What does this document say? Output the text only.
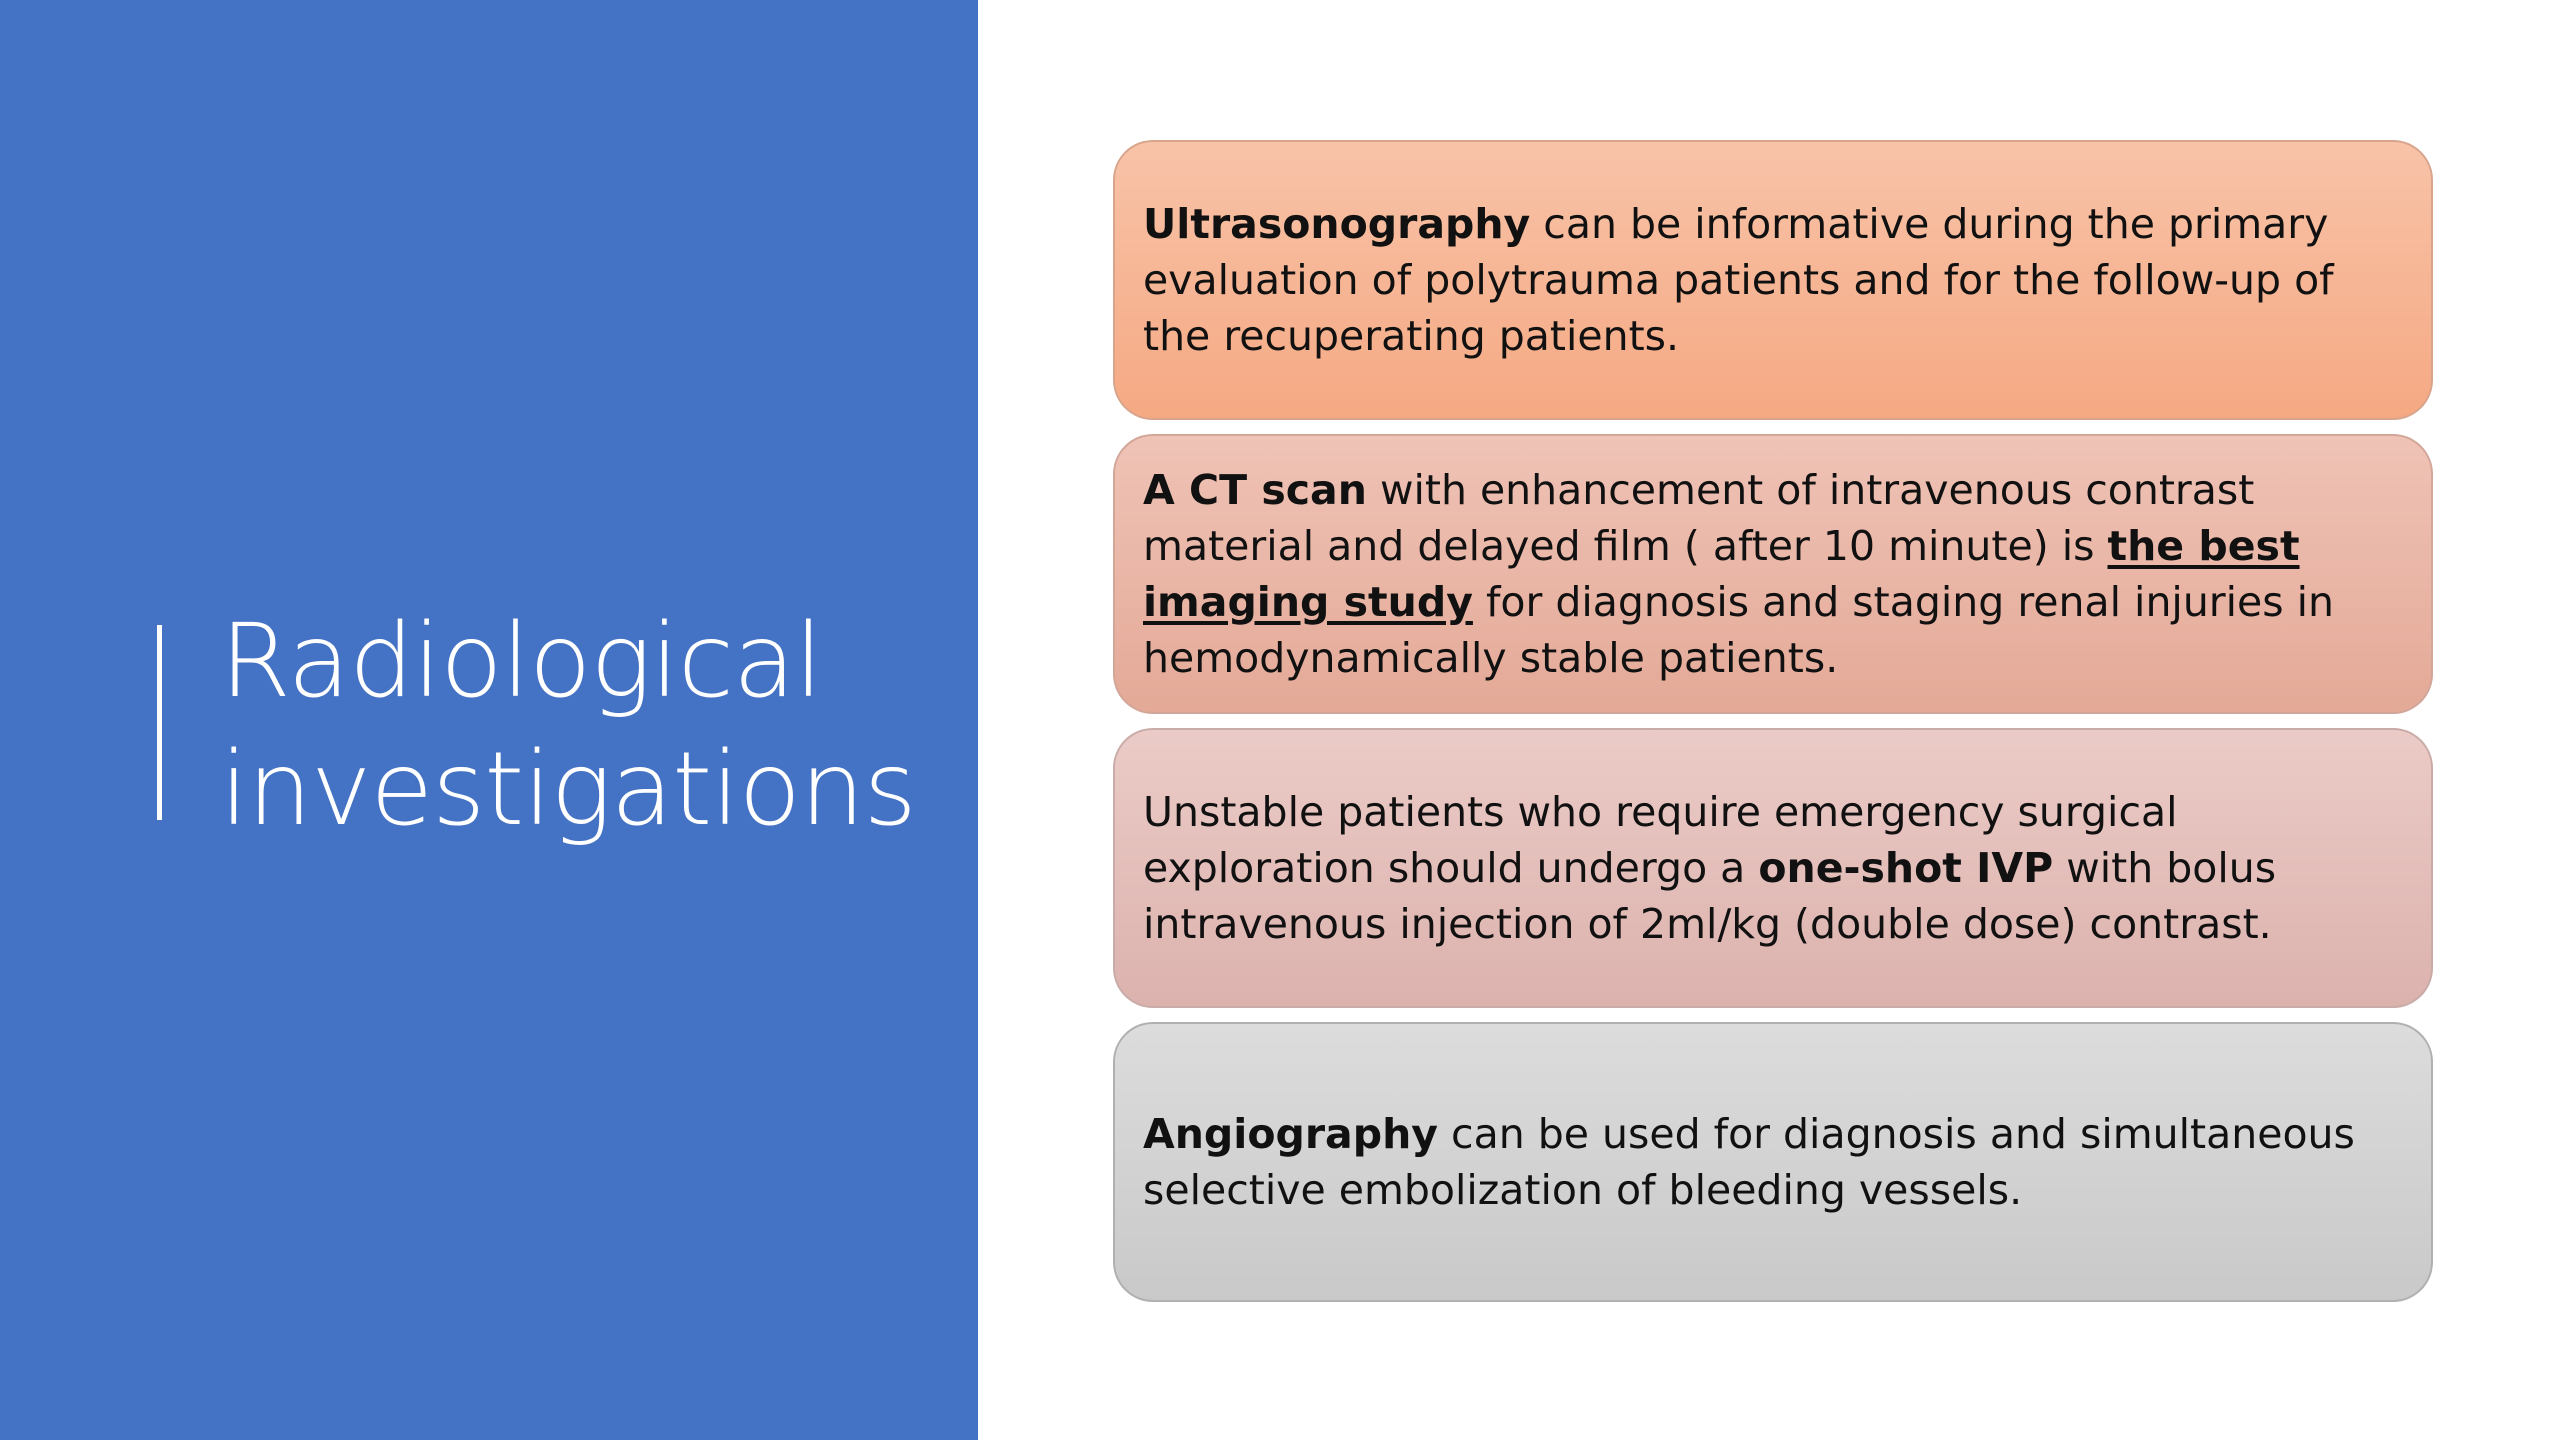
Radiological
investigations

Ultrasonography can be informative during the primary evaluation of polytrauma patients and for the follow-up of the recuperating patients.

A CT scan with enhancement of intravenous contrast material and delayed film ( after 10 minute) is the best imaging study for diagnosis and staging renal injuries in hemodynamically stable patients.

Unstable patients who require emergency surgical exploration should undergo a one-shot IVP with bolus intravenous injection of 2ml/kg (double dose) contrast.

Angiography can be used for diagnosis and simultaneous selective embolization of bleeding vessels.
